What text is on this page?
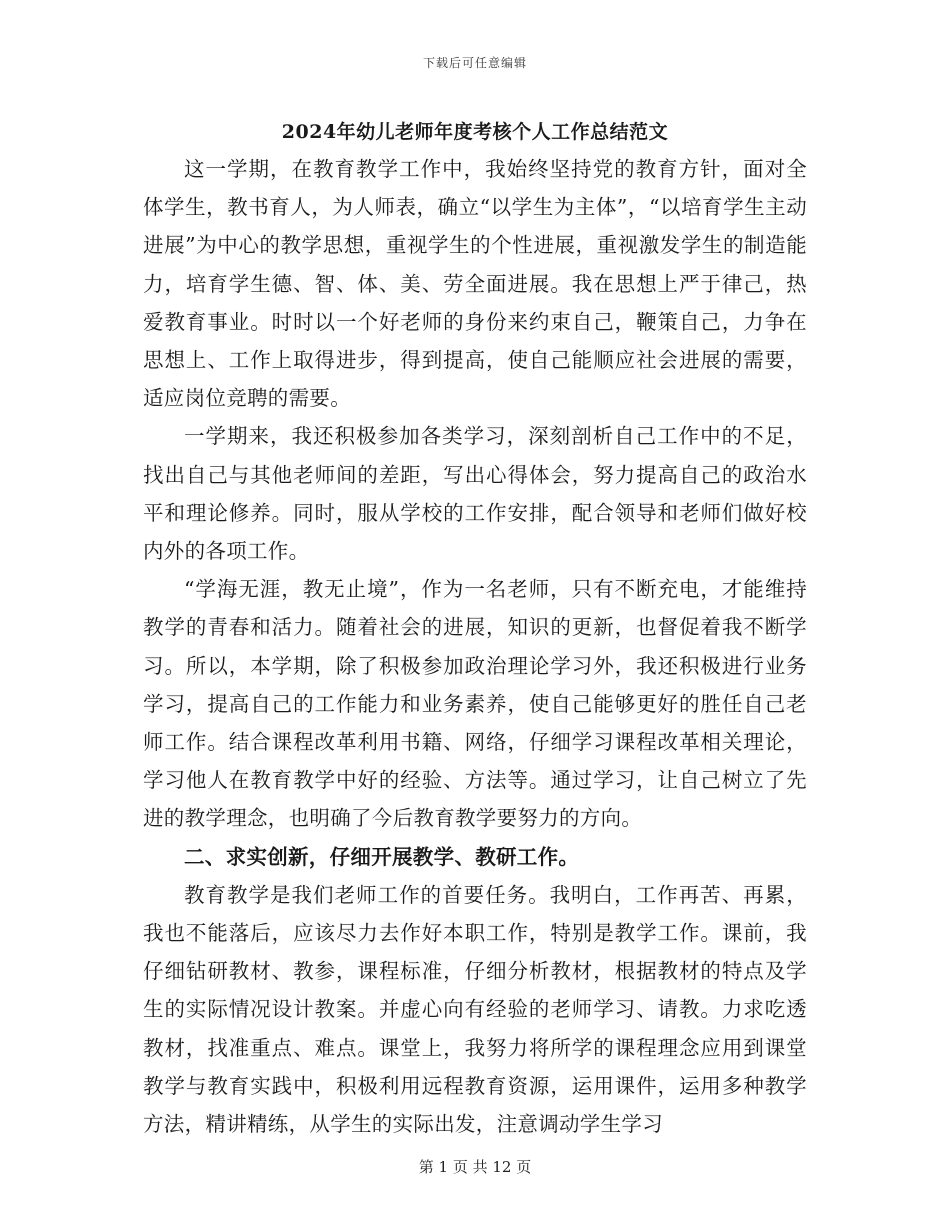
下载后可任意编辑
2024年幼儿老师年度考核个人工作总结范文

这一学期，在教育教学工作中，我始终坚持党的教育方针，面对全体学生，教书育人，为人师表，确立“以学生为主体”，“以培育学生主动进展”为中心的教学思想，重视学生的个性进展，重视激发学生的制造能力，培育学生德、智、体、美、劳全面进展。我在思想上严于律己，热爱教育事业。时时以一个好老师的身份来约束自己，鞭策自己，力争在思想上、工作上取得进步，得到提高，使自己能顺应社会进展的需要，适应岗位竞聘的需要。

一学期来，我还积极参加各类学习，深刻剖析自己工作中的不足，找出自己与其他老师间的差距，写出心得体会，努力提高自己的政治水平和理论修养。同时，服从学校的工作安排，配合领导和老师们做好校内外的各项工作。

“学海无涯，教无止境”，作为一名老师，只有不断充电，才能维持教学的青春和活力。随着社会的进展，知识的更新，也督促着我不断学习。所以，本学期，除了积极参加政治理论学习外，我还积极进行业务学习，提高自己的工作能力和业务素养，使自己能够更好的胜任自己老师工作。结合课程改革利用书籍、网络，仔细学习课程改革相关理论，学习他人在教育教学中好的经验、方法等。通过学习，让自己树立了先进的教学理念，也明确了今后教育教学要努力的方向。

二、求实创新，仔细开展教学、教研工作。

教育教学是我们老师工作的首要任务。我明白，工作再苦、再累，我也不能落后，应该尽力去作好本职工作，特别是教学工作。课前，我仔细钻研教材、教参，课程标准，仔细分析教材，根据教材的特点及学生的实际情况设计教案。并虚心向有经验的老师学习、请教。力求吃透教材，找准重点、难点。课堂上，我努力将所学的课程理念应用到课堂教学与教育实践中，积极利用远程教育资源，运用课件，运用多种教学方法，精讲精练，从学生的实际出发，注意调动学生学习

第 1 页 共 12 页
